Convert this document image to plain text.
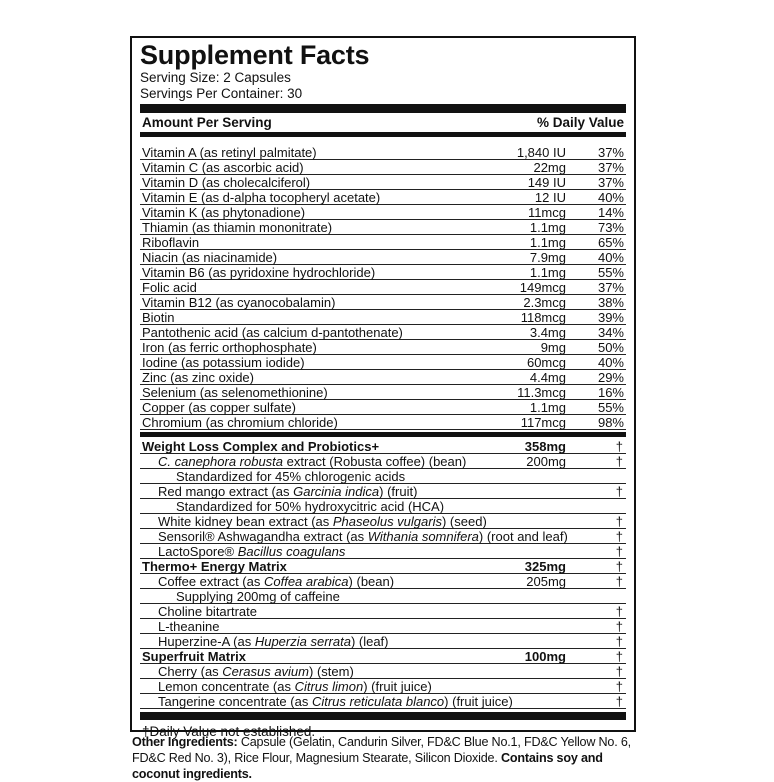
Supplement Facts
Serving Size: 2 Capsules
Servings Per Container: 30
Amount Per Serving	% Daily Value
Vitamin A (as retinyl palmitate)	1,840 IU 37%
Vitamin C (as ascorbic acid)	22mg 37%
Vitamin D (as cholecalciferol)	149 IU 37%
Vitamin E (as d-alpha tocopheryl acetate)	12 IU 40%
Vitamin K (as phytonadione)	11mcg 14%
Thiamin (as thiamin mononitrate)	1.1mg 73%
Riboflavin	1.1mg 65%
Niacin (as niacinamide)	7.9mg 40%
Vitamin B6 (as pyridoxine hydrochloride)	1.1mg 55%
Folic acid	149mcg 37%
Vitamin B12 (as cyanocobalamin)	2.3mcg 38%
Biotin	118mcg 39%
Pantothenic acid (as calcium d-pantothenate)	3.4mg 34%
Iron (as ferric orthophosphate)	9mg 50%
Iodine (as potassium iodide)	60mcg 40%
Zinc (as zinc oxide)	4.4mg 29%
Selenium (as selenomethionine)	11.3mcg 16%
Copper (as copper sulfate)	1.1mg 55%
Chromium (as chromium chloride)	117mcg 98%
Weight Loss Complex and Probiotics+	358mg	†
C. canephora robusta extract (Robusta coffee) (bean)	200mg	†
Standardized for 45% chlorogenic acids
Red mango extract (as Garcinia indica) (fruit)	†
Standardized for 50% hydroxycitric acid (HCA)
White kidney bean extract (as Phaseolus vulgaris) (seed)	†
Sensoril® Ashwagandha extract (as Withania somnifera) (root and leaf)	†
LactoSpore® Bacillus coagulans	†
Thermo+ Energy Matrix	325mg	†
Coffee extract (as Coffea arabica) (bean)	205mg	†
Supplying 200mg of caffeine
Choline bitartrate	†
L-theanine	†
Huperzine-A (as Huperzia serrata) (leaf)	†
Superfruit Matrix	100mg	†
Cherry (as Cerasus avium) (stem)	†
Lemon concentrate (as Citrus limon) (fruit juice)	†
Tangerine concentrate (as Citrus reticulata blanco) (fruit juice)	†
†Daily Value not established.
Other Ingredients: Capsule (Gelatin, Candurin Silver, FD&C Blue No.1, FD&C Yellow No. 6, FD&C Red No. 3), Rice Flour, Magnesium Stearate, Silicon Dioxide. Contains soy and coconut ingredients.
